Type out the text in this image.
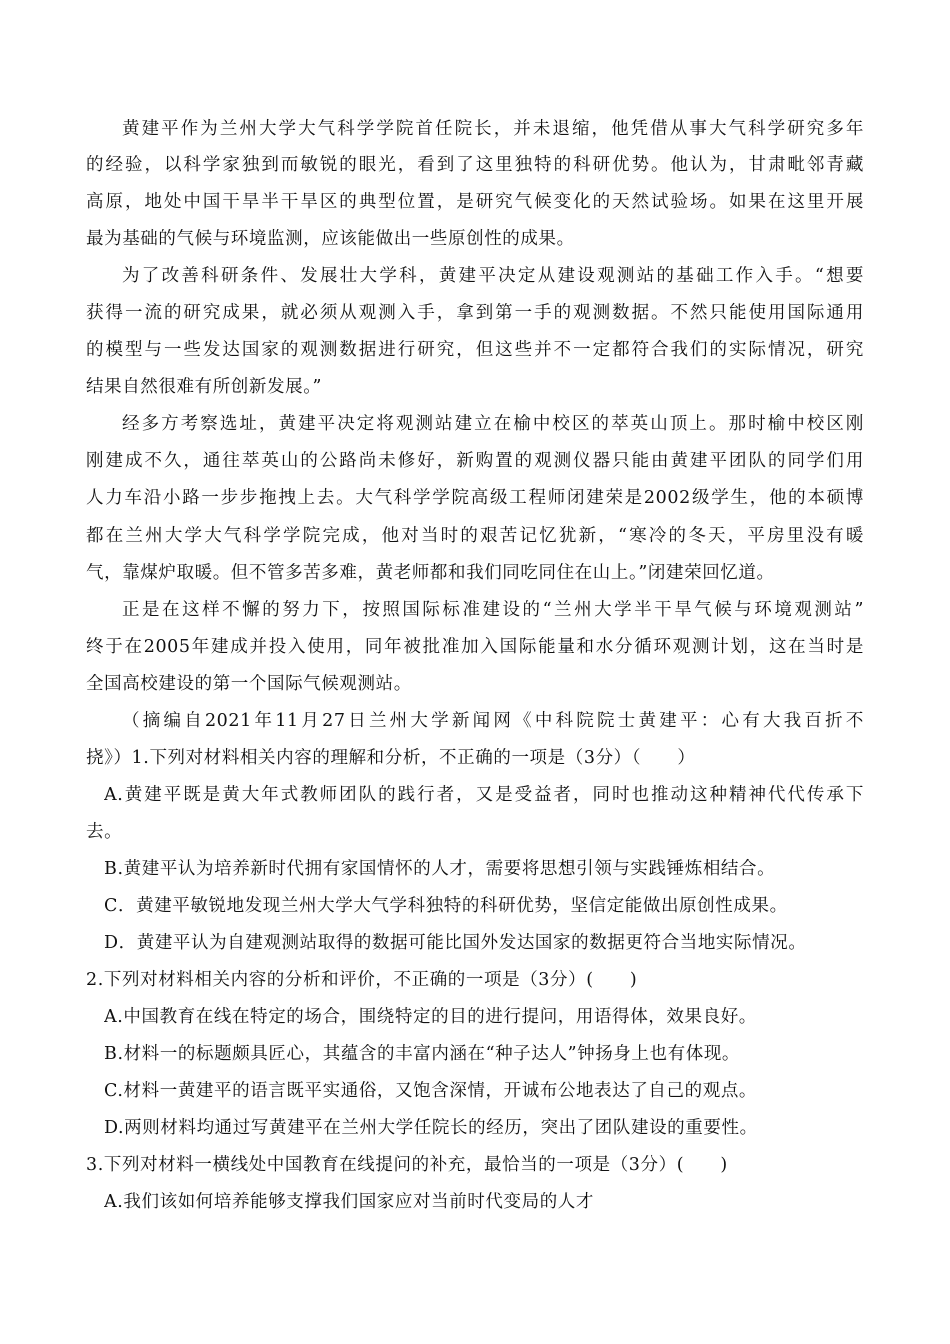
黄建平作为兰州大学大气科学学院首任院长，并未退缩，他凭借从事大气科学研究多年
的经验，以科学家独到而敏锐的眼光，看到了这里独特的科研优势。他认为，甘肃毗邻青藏
高原，地处中国干旱半干旱区的典型位置，是研究气候变化的天然试验场。如果在这里开展
最为基础的气候与环境监测，应该能做出一些原创性的成果。
为了改善科研条件、发展壮大学科，黄建平决定从建设观测站的基础工作入手。“想要
获得一流的研究成果，就必须从观测入手，拿到第一手的观测数据。不然只能使用国际通用
的模型与一些发达国家的观测数据进行研究，但这些并不一定都符合我们的实际情况，研究
结果自然很难有所创新发展。”
经多方考察选址，黄建平决定将观测站建立在榆中校区的萃英山顶上。那时榆中校区刚
刚建成不久，通往萃英山的公路尚未修好，新购置的观测仪器只能由黄建平团队的同学们用
人力车沿小路一步步拖拽上去。大气科学学院高级工程师闭建荣是2002级学生，他的本硕博
都在兰州大学大气科学学院完成，他对当时的艰苦记忆犹新，“寒冷的冬天，平房里没有暖
气，靠煤炉取暖。但不管多苦多难，黄老师都和我们同吃同住在山上。”闭建荣回忆道。
正是在这样不懈的努力下，按照国际标准建设的“兰州大学半干旱气候与环境观测站”
终于在2005年建成并投入使用，同年被批准加入国际能量和水分循环观测计划，这在当时是
全国高校建设的第一个国际气候观测站。
（摘编自2021年11月27日兰州大学新闻网《中科院院士黄建平：心有大我百折不
挠》）1.下列对材料相关内容的理解和分析，不正确的一项是（3分）（　　）
A.黄建平既是黄大年式教师团队的践行者，又是受益者，同时也推动这种精神代代传承下
去。
B.黄建平认为培养新时代拥有家国情怀的人才，需要将思想引领与实践锤炼相结合。
C．黄建平敏锐地发现兰州大学大气学科独特的科研优势，坚信定能做出原创性成果。
D．黄建平认为自建观测站取得的数据可能比国外发达国家的数据更符合当地实际情况。
2.下列对材料相关内容的分析和评价，不正确的一项是（3分）(　　)
A.中国教育在线在特定的场合，围绕特定的目的进行提问，用语得体，效果良好。
B.材料一的标题颇具匠心，其蕴含的丰富内涵在“种子达人”钟扬身上也有体现。
C.材料一黄建平的语言既平实通俗，又饱含深情，开诚布公地表达了自己的观点。
D.两则材料均通过写黄建平在兰州大学任院长的经历，突出了团队建设的重要性。
3.下列对材料一横线处中国教育在线提问的补充，最恰当的一项是（3分）(　　)
A.我们该如何培养能够支撑我们国家应对当前时代变局的人才
